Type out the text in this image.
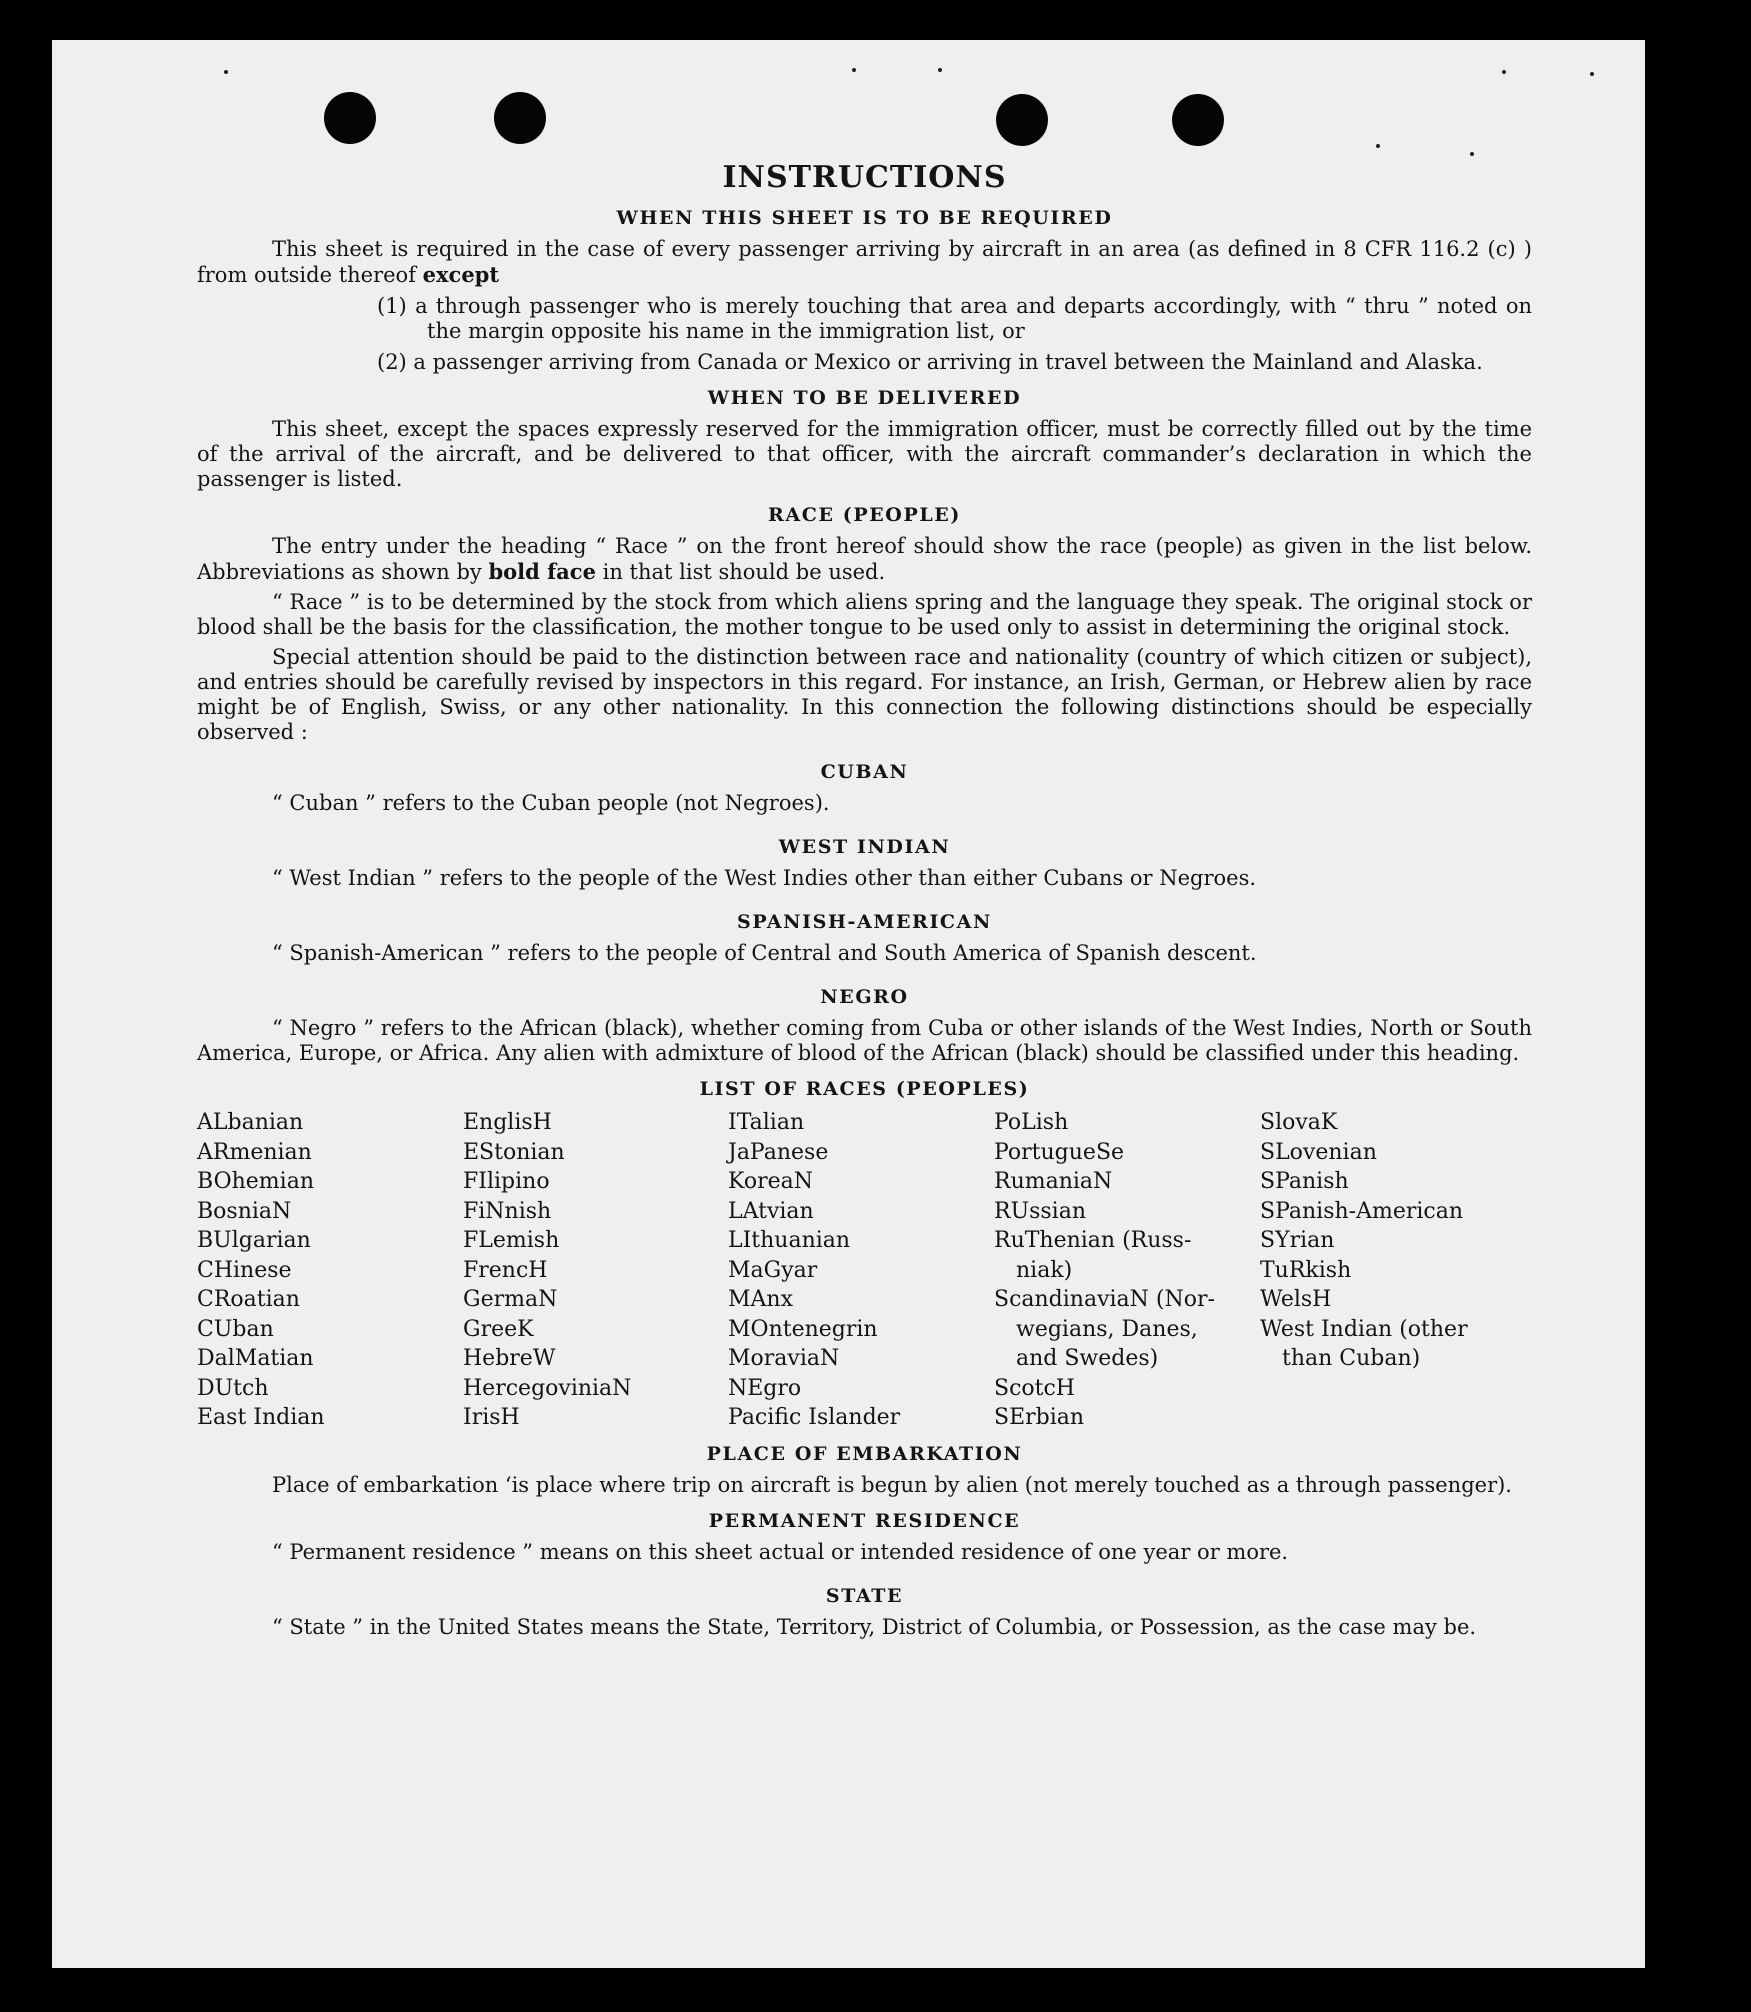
INSTRUCTIONS
WHEN THIS SHEET IS TO BE REQUIRED

This sheet is required in the case of every passenger arriving by aircraft in an area (as defined in 8 CFR 116.2 (c) ) from outside thereof except

(1) a through passenger who is merely touching that area and departs accordingly, with “ thru ” noted on the margin opposite his name in the immigration list, or

(2) a passenger arriving from Canada or Mexico or arriving in travel between the Mainland and Alaska.

WHEN TO BE DELIVERED

This sheet, except the spaces expressly reserved for the immigration officer, must be correctly filled out by the time of the arrival of the aircraft, and be delivered to that officer, with the aircraft commander’s declaration in which the passenger is listed.

RACE (PEOPLE)

The entry under the heading “ Race ” on the front hereof should show the race (people) as given in the list below. Abbreviations as shown by bold face in that list should be used.

“ Race ” is to be determined by the stock from which aliens spring and the language they speak. The original stock or blood shall be the basis for the classification, the mother tongue to be used only to assist in determining the original stock.

Special attention should be paid to the distinction between race and nationality (country of which citizen or subject), and entries should be carefully revised by inspectors in this regard. For instance, an Irish, German, or Hebrew alien by race might be of English, Swiss, or any other nationality. In this connection the following distinctions should be especially observed :

CUBAN

“ Cuban ” refers to the Cuban people (not Negroes).

WEST INDIAN

“ West Indian ” refers to the people of the West Indies other than either Cubans or Negroes.

SPANISH-AMERICAN

“ Spanish-American ” refers to the people of Central and South America of Spanish descent.

NEGRO

“ Negro ” refers to the African (black), whether coming from Cuba or other islands of the West Indies, North or South America, Europe, or Africa. Any alien with admixture of blood of the African (black) should be classified under this heading.

LIST OF RACES (PEOPLES)
ALbanian
ARmenian
BOhemian
BosniaN
BUlgarian
CHinese
CRoatian
CUban
DalMatian
DUtch
East Indian
EnglisH
EStonian
FIlipino
FiNnish
FLemish
FrencH
GermaN
GreeK
HebreW
HercegoviniaN
IrisH
ITalian
JaPanese
KoreaN
LAtvian
LIthuanian
MaGyar
MAnx
MOntenegrin
MoraviaN
NEgro
Pacific Islander
PoLish
PortugueSe
RumaniaN
RUssian
RuThenian (Russ-
niak)
ScandinaviaN (Nor-
wegians, Danes,
and Swedes)
ScotcH
SErbian
SlovaK
SLovenian
SPanish
SPanish-American
SYrian
TuRkish
WelsH
West Indian (other
than Cuban)
PLACE OF EMBARKATION

Place of embarkation ‘is place where trip on aircraft is begun by alien (not merely touched as a through passenger).

PERMANENT RESIDENCE

“ Permanent residence ” means on this sheet actual or intended residence of one year or more.

STATE

“ State ” in the United States means the State, Territory, District of Columbia, or Possession, as the case may be.
